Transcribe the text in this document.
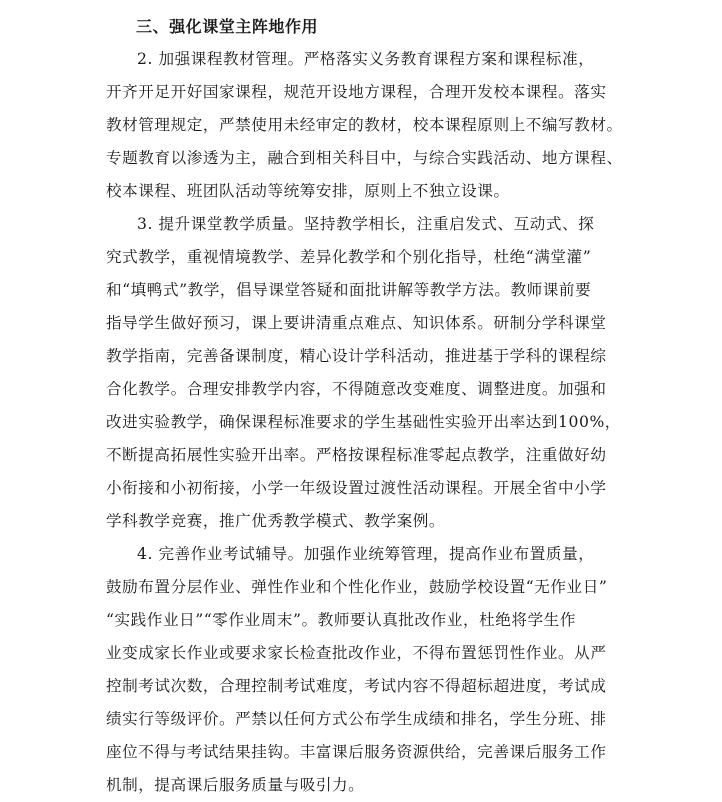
三、强化课堂主阵地作用
2. 加强课程教材管理。严格落实义务教育课程方案和课程标准，
开齐开足开好国家课程，规范开设地方课程，合理开发校本课程。落实
教材管理规定，严禁使用未经审定的教材，校本课程原则上不编写教材。
专题教育以渗透为主，融合到相关科目中，与综合实践活动、地方课程、
校本课程、班团队活动等统筹安排，原则上不独立设课。
3. 提升课堂教学质量。坚持教学相长，注重启发式、互动式、探
究式教学，重视情境教学、差异化教学和个别化指导，杜绝“满堂灌”
和“填鸭式”教学，倡导课堂答疑和面批讲解等教学方法。教师课前要
指导学生做好预习，课上要讲清重点难点、知识体系。研制分学科课堂
教学指南，完善备课制度，精心设计学科活动，推进基于学科的课程综
合化教学。合理安排教学内容，不得随意改变难度、调整进度。加强和
改进实验教学，确保课程标准要求的学生基础性实验开出率达到100%，
不断提高拓展性实验开出率。严格按课程标准零起点教学，注重做好幼
小衔接和小初衔接，小学一年级设置过渡性活动课程。开展全省中小学
学科教学竞赛，推广优秀教学模式、教学案例。
4. 完善作业考试辅导。加强作业统筹管理，提高作业布置质量，
鼓励布置分层作业、弹性作业和个性化作业，鼓励学校设置“无作业日”
“实践作业日”“零作业周末”。教师要认真批改作业，杜绝将学生作
业变成家长作业或要求家长检查批改作业，不得布置惩罚性作业。从严
控制考试次数，合理控制考试难度，考试内容不得超标超进度，考试成
绩实行等级评价。严禁以任何方式公布学生成绩和排名，学生分班、排
座位不得与考试结果挂钩。丰富课后服务资源供给，完善课后服务工作
机制，提高课后服务质量与吸引力。
